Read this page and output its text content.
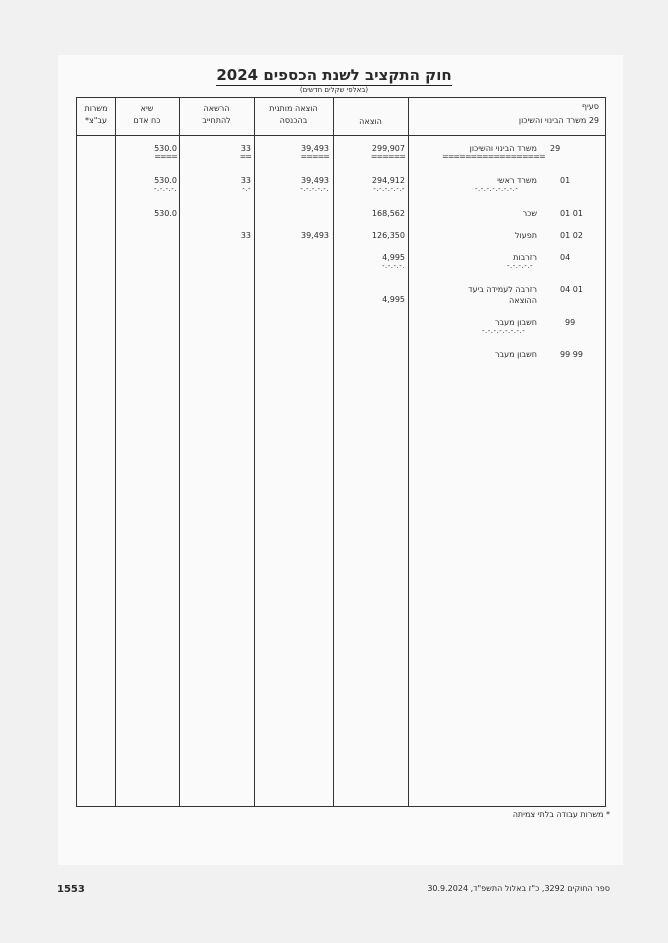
חוק התקציב לשנת הכספים 2024
(באלפי שקלים חדשים)
סעיף
29 משרד הבינוי והשיכון
הוצאה
הוצאה מותנית
בהכנסה
הרשאה
להתחייב
שיא
כח אדם
משרות
עב"צ*
29
משרד הבינוי והשיכון
==================
299,907
======
39,493
=====
33
==
530.0
====
01
משרד ראשי
-.-.-.-.-.-.-.-
294,912
-.-.-.-.-.-
39,493
-.-.-.-.-.
33
-.-
530.0
-.-.-.-.
01 01
שכר
168,562
530.0
01 02
תפעול
126,350
39,493
33
04
רזרבות
-.-.-.-.-
4,995
-.-.-.-.
04 01
רזרבה לעמידה ביעד
ההוצאה
4,995
99
חשבון מעבר
-.-.-.-.-.-.-.-
99 99
חשבון מעבר
* משרות עבודה בלתי צמיתה
1553	ספר החוקים 3292, כ"ז באלול התשפ"ד, 30.9.2024
